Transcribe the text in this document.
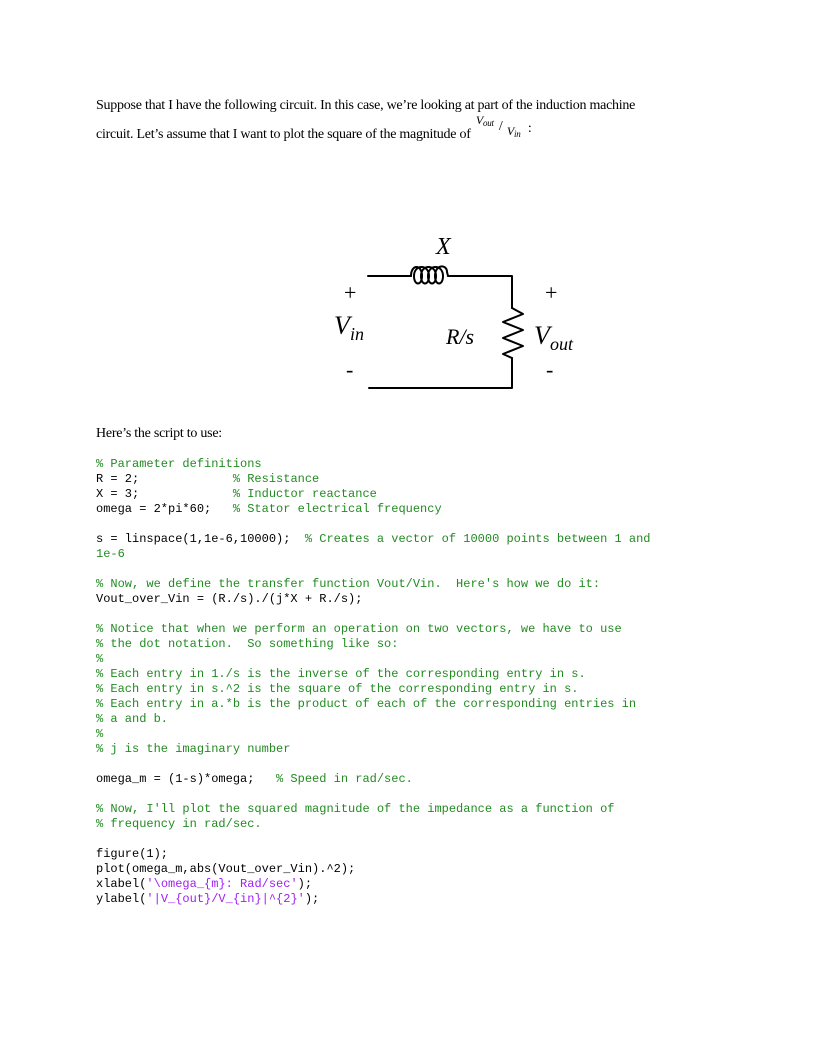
Suppose that I have the following circuit. In this case, we’re looking at part of the induction machine
circuit. Let’s assume that I want to plot the square of the magnitude of
$V_{out} / V_{in}$ :
X
R/s
+	+
-	-
V in	V out
Here’s the script to use:
% Parameter definitions
R = 2;             % Resistance
X = 3;             % Inductor reactance
omega = 2*pi*60;   % Stator electrical frequency

s = linspace(1,1e-6,10000);  % Creates a vector of 10000 points between 1 and
1e-6

% Now, we define the transfer function Vout/Vin.  Here's how we do it:
Vout_over_Vin = (R./s)./(j*X + R./s);

% Notice that when we perform an operation on two vectors, we have to use
% the dot notation.  So something like so:
%
% Each entry in 1./s is the inverse of the corresponding entry in s.
% Each entry in s.^2 is the square of the corresponding entry in s.
% Each entry in a.*b is the product of each of the corresponding entries in
% a and b.
%
% j is the imaginary number

omega_m = (1-s)*omega;   % Speed in rad/sec.

% Now, I'll plot the squared magnitude of the impedance as a function of
% frequency in rad/sec.

figure(1);
plot(omega_m,abs(Vout_over_Vin).^2);
xlabel('\omega_{m}: Rad/sec');
ylabel('|V_{out}/V_{in}|^{2}');
